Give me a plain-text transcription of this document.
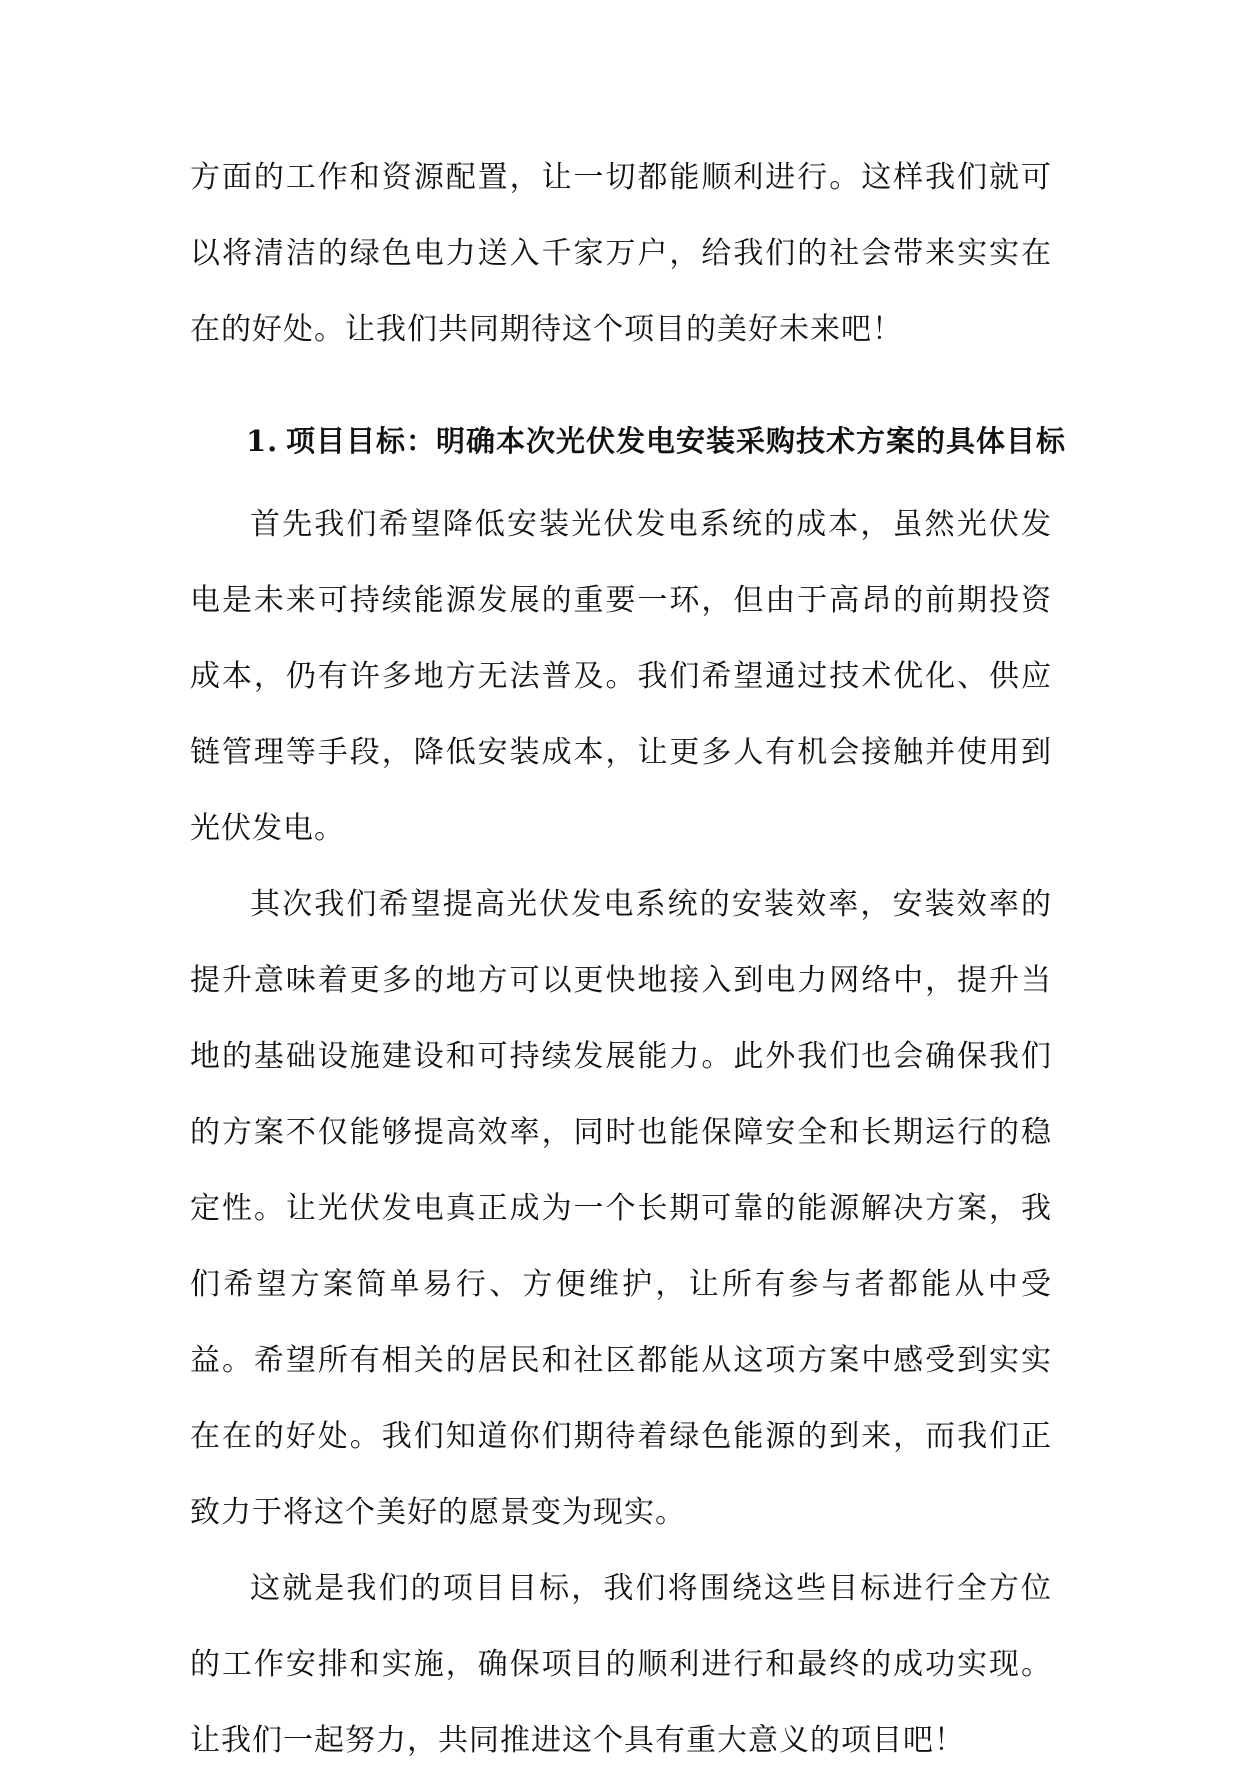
方面的工作和资源配置，让一切都能顺利进行。这样我们就可以将清洁的绿色电力送入千家万户，给我们的社会带来实实在在的好处。让我们共同期待这个项目的美好未来吧！

1. 项目目标：明确本次光伏发电安装采购技术方案的具体目标

首先我们希望降低安装光伏发电系统的成本，虽然光伏发电是未来可持续能源发展的重要一环，但由于高昂的前期投资成本，仍有许多地方无法普及。我们希望通过技术优化、供应链管理等手段，降低安装成本，让更多人有机会接触并使用到光伏发电。

其次我们希望提高光伏发电系统的安装效率，安装效率的提升意味着更多的地方可以更快地接入到电力网络中，提升当地的基础设施建设和可持续发展能力。此外我们也会确保我们的方案不仅能够提高效率，同时也能保障安全和长期运行的稳定性。让光伏发电真正成为一个长期可靠的能源解决方案，我们希望方案简单易行、方便维护，让所有参与者都能从中受益。希望所有相关的居民和社区都能从这项方案中感受到实实在在的好处。我们知道你们期待着绿色能源的到来，而我们正致力于将这个美好的愿景变为现实。

这就是我们的项目目标，我们将围绕这些目标进行全方位的工作安排和实施，确保项目的顺利进行和最终的成功实现。让我们一起努力，共同推进这个具有重大意义的项目吧！
